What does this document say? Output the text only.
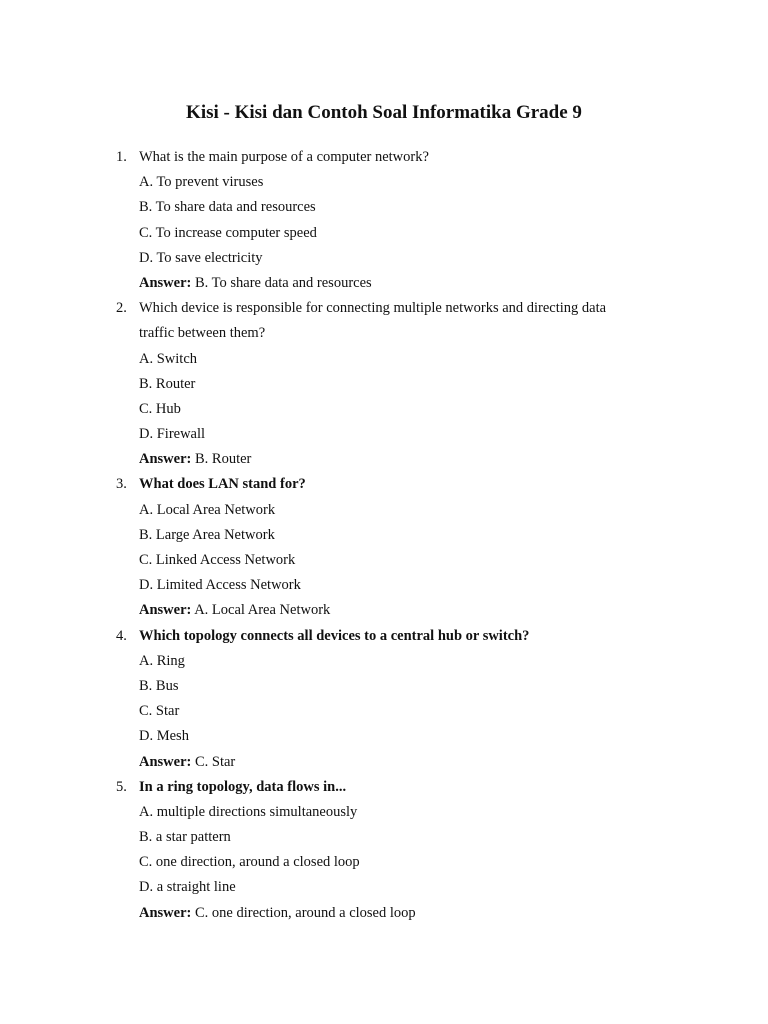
Kisi - Kisi dan Contoh Soal Informatika Grade 9
1. What is the main purpose of a computer network?
A. To prevent viruses
B. To share data and resources
C. To increase computer speed
D. To save electricity
Answer: B. To share data and resources
2. Which device is responsible for connecting multiple networks and directing data
traffic between them?
A. Switch
B. Router
C. Hub
D. Firewall
Answer: B. Router
3. What does LAN stand for?
A. Local Area Network
B. Large Area Network
C. Linked Access Network
D. Limited Access Network
Answer: A. Local Area Network
4. Which topology connects all devices to a central hub or switch?
A. Ring
B. Bus
C. Star
D. Mesh
Answer: C. Star
5. In a ring topology, data flows in...
A. multiple directions simultaneously
B. a star pattern
C. one direction, around a closed loop
D. a straight line
Answer: C. one direction, around a closed loop
